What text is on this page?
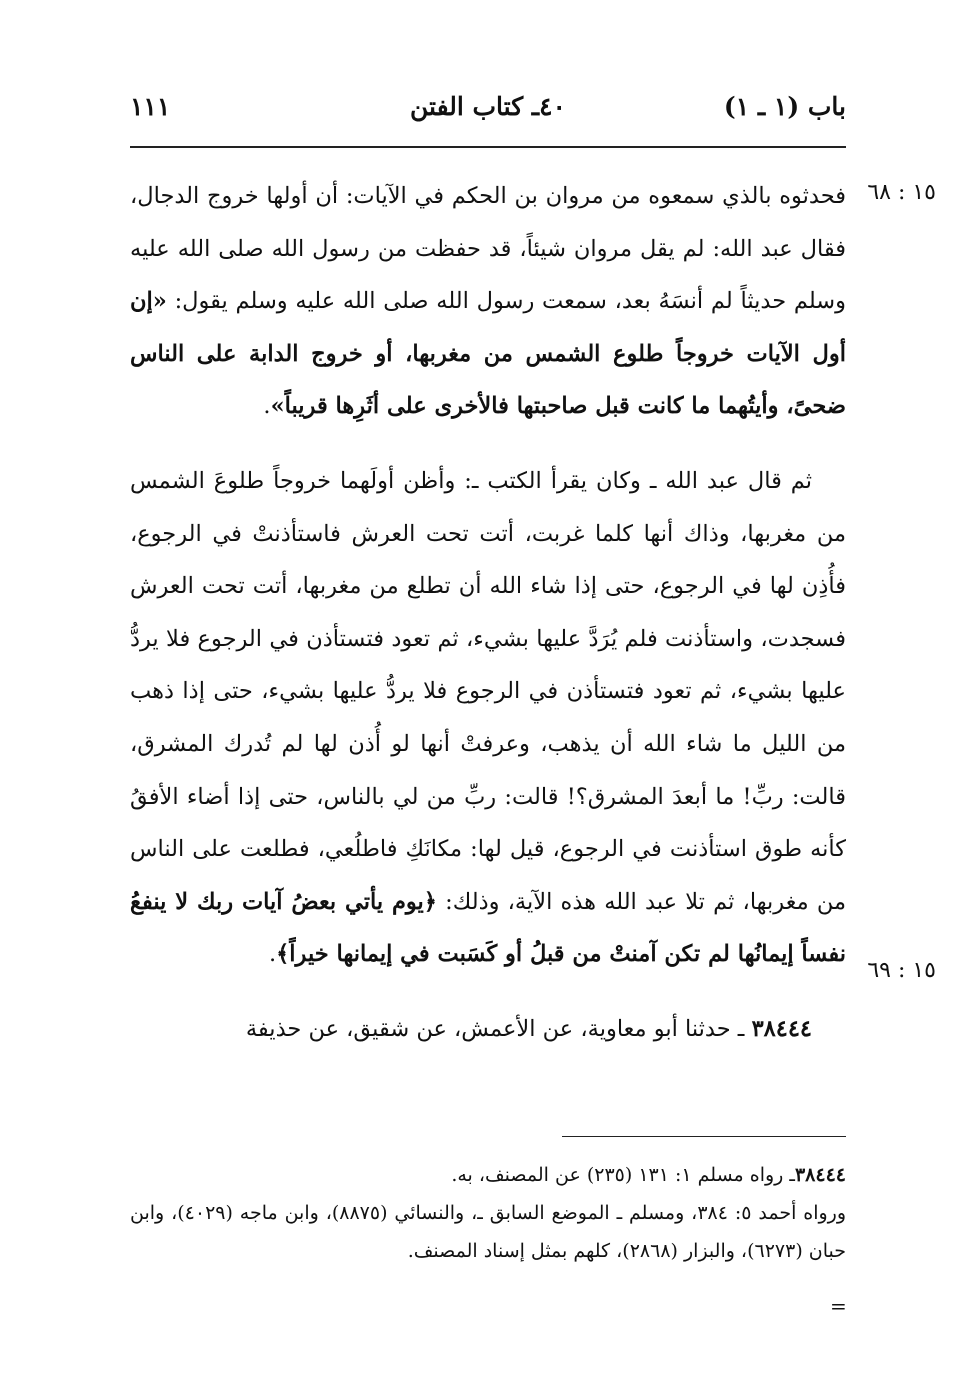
باب (١ ـ ١)
٤٠ـ كتاب الفتن
١١١
١٥ : ٦٨
١٥ : ٦٩

فحدثوه بالذي سمعوه من مروان بن الحكم في الآيات: أن أولها خروج الدجال، فقال عبد الله: لم يقل مروان شيئاً، قد حفظت من رسول الله صلى الله عليه وسلم حديثاً لم أنسَهُ بعد، سمعت رسول الله صلى الله عليه وسلم يقول: «إن أول الآيات خروجاً طلوع الشمس من مغربها، أو خروج الدابة على الناس ضحىً، وأيتُهما ما كانت قبل صاحبتها فالأخرى على أثَرِها قريباً».

ثم قال عبد الله ـ وكان يقرأ الكتب ـ: وأظن أولَهما خروجاً طلوعَ الشمس من مغربها، وذاك أنها كلما غربت، أتت تحت العرش فاستأذنتْ في الرجوع، فأُذِن لها في الرجوع، حتى إذا شاء الله أن تطلع من مغربها، أتت تحت العرش فسجدت، واستأذنت فلم يُرَدَّ عليها بشيء، ثم تعود فتستأذن في الرجوع فلا يردُّ عليها بشيء، ثم تعود فتستأذن في الرجوع فلا يردُّ عليها بشيء، حتى إذا ذهب من الليل ما شاء الله أن يذهب، وعرفتْ أنها لو أُذن لها لم تُدرك المشرق، قالت: ربِّ! ما أبعدَ المشرق؟! قالت: ربِّ من لي بالناس، حتى إذا أضاء الأفقُ كأنه طوق استأذنت في الرجوع، قيل لها: مكانَكِ فاطلُعي، فطلعت على الناس من مغربها، ثم تلا عبد الله هذه الآية، وذلك: ﴿يوم يأتي بعضُ آيات ربك لا ينفعُ نفساً إيمانُها لم تكن آمنتْ من قبلُ أو كَسَبت في إيمانها خيراً﴾.

٣٨٤٤٤ ـ حدثنا أبو معاوية، عن الأعمش، عن شقيق، عن حذيفة

٣٨٤٤٤ـ رواه مسلم ١: ١٣١ (٢٣٥) عن المصنف، به.

ورواه أحمد ٥: ٣٨٤، ومسلم ـ الموضع السابق ـ، والنسائي (٨٨٧٥)، وابن ماجه (٤٠٢٩)، وابن حبان (٦٢٧٣)، والبزار (٢٨٦٨)، كلهم بمثل إسناد المصنف.

=
